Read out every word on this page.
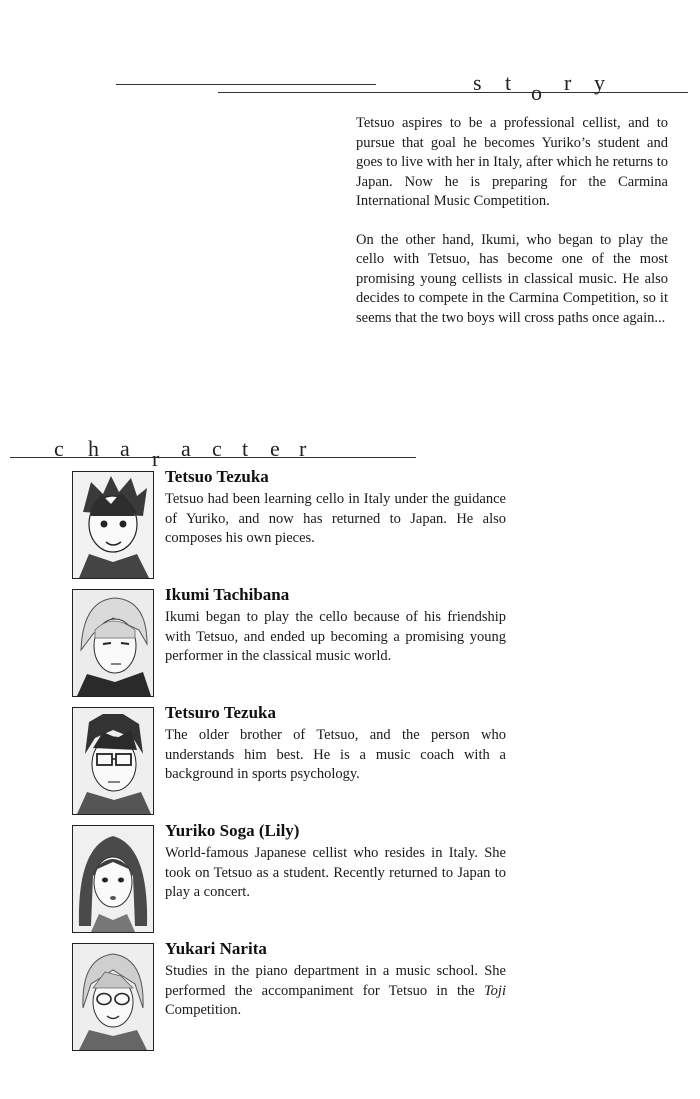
s t o r y

Tetsuo aspires to be a professional cellist, and to pursue that goal he becomes Yuriko’s student and goes to live with her in Italy, after which he returns to Japan. Now he is preparing for the Carmina International Music Competition.

On the other hand, Ikumi, who began to play the cello with Tetsuo, has become one of the most promising young cellists in classical music. He also decides to compete in the Carmina Competition, so it seems that the two boys will cross paths once again...

c h a r a c t e r
Tetsuo Tezuka
Tetsuo had been learning cello in Italy under the guidance of Yuriko, and now has returned to Japan. He also composes his own pieces.
Ikumi Tachibana
Ikumi began to play the cello because of his friendship with Tetsuo, and ended up becoming a promising young performer in the classical music world.
Tetsuro Tezuka
The older brother of Tetsuo, and the person who understands him best. He is a music coach with a background in sports psychology.
Yuriko Soga (Lily)
World-famous Japanese cellist who resides in Italy. She took on Tetsuo as a student. Recently returned to Japan to play a concert.
Yukari Narita
Studies in the piano department in a music school. She performed the accompaniment for Tetsuo in the Toji Competition.
